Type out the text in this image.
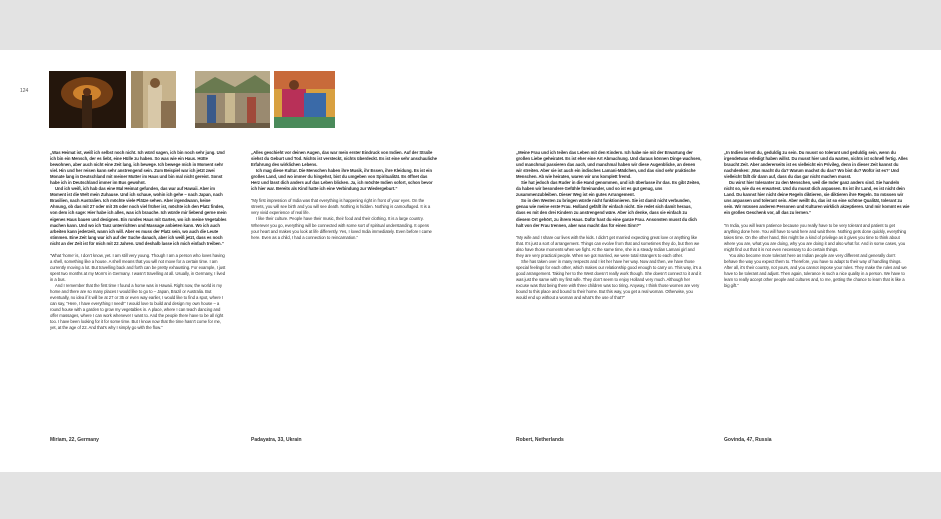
124

„Was Heimat ist, weiß ich selbst noch nicht. Ich würd sagen, ich bin noch sehr jung. Und ich bin ein Mensch, der es liebt, eine Hülle zu haben. So was wie ein Haus. Hütte bewohnen, aber auch nicht eine Zeit lang, ich bewege. Ich bewege mich in Moment sehr viel. Hin und her reisen kann sehr anstrengend sein. Zum Beispiel war ich jetzt zwei Monate lang in Deutschland mit meiner Mutter im Haus und bin mal nicht gereist. Sonst habe ich in Deutschland immer im Bus gewohnt.

Und ich weiß, ich hab das eine Mal Heimat gefunden, das war auf Hawaii. Aber im Moment ist die Welt mein Zuhause. Und ich schaue, wohin ich gehe – nach Japan, nach Brasilien, nach Australien. Ich möchte viele Plätze sehen. Aber irgendwann, keine Ahnung, ob das mit 27 oder mit 35 oder noch viel früher ist, möchte ich den Platz finden, von dem ich sage: Hier habe ich alles, was ich brauche. Ich würde mir liebend gerne mein eigenes Haus bauen und designen. Ein rundes Haus mit Garten, wo ich meine Vegetables machen kann. Und wo ich Tanz unterrichten und Massage anbieten kann. Wo ich auch arbeiten kann jederzeit, wann ich will. Aber es muss der Platz sein, wo auch die Leute stimmen. Eine Zeit lang war ich auf der Suche danach, aber ich weiß jetzt, dass es noch nicht an der Zeit ist für mich mit 22 Jahren. Und deshalb lasse ich mich einfach treiben.“

“What ‘home’ is, I don’t know, yet. I am still very young. Though I am a person who loves having a shell, something like a house. A shell means that you will not move for a certain time. I am currently moving a lot. But travelling back and forth can be pretty exhausting. For example, I just spent two months at my Mom’s in Germany. I wasn’t travelling at all. Usually, in Germany, I lived in a bus.

And I remember that the first time I found a home was in Hawaii. Right now, the world is my home and there are so many places I would like to go to – Japan, Brazil or Australia. But eventually, no idea if it will be at 27 or 35 or even way earlier, I would like to find a spot, where I can say, “Here, I have everything I need!” I would love to build and design my own house – a round house with a garden to grow my vegetables in. A place, where I can teach dancing and offer massages, where I can work whenever I want to. And the people there have to be all right too. I have been looking for it for some time. But I know now that the time hasn’t come for me, yet, at the age of 22. And that’s why I simply go with the flow.”

„Alles geschieht vor deinen Augen, das war mein erster Eindruck von Indien. Auf der Straße siehst du Geburt und Tod. Nichts ist versteckt, nichts überdeckt. Es ist eine sehr anschauliche Erfahrung des wirklichen Lebens.

Ich mag diese Kultur. Die Menschen haben ihre Musik, ihr Essen, ihre Kleidung. Es ist ein großes Land, und wo immer du hingehst, bist du umgeben von Spiritualität. Es öffnet das Herz und lässt dich anders auf das Leben blicken. Ja, ich möchte Indien sofort, schon bevor ich hier war. Bereits als Kind hatte ich eine Verbindung zur Wiedergeburt.“

“My first impression of India was that everything is happening right in front of your eyes. On the streets, you will see birth and you will see death. Nothing is hidden. Nothing is camouflaged. It is a very vivid experience of real life.

I like their culture. People have their music, their food and their clothing. It is a large country. Wherever you go, everything will be connected with some sort of spiritual understanding. It opens your heart and makes you look at life differently. Yes, I loved India immediately. Even before I came here. Even as a child, I had a connection to reincarnation.”

„Meine Frau und ich teilen das Leben mit den Kindern. Ich habe nie mit der Erwartung der großen Liebe geheiratet. Es ist eher eine Art Abmachung. Und daraus können Dinge wachsen, und manchmal passieren das auch, und manchmal haben wir diese Augenblicke, an denen wir streiten. Aber sie ist auch ein indisches Lamani-Mädchen, und das sind sehr praktische Menschen. Ab wie heiraten, waren wir uns komplett fremd.

Sie hat jedoch das Ruder in die Hand genommen, und ich überlasse ihr das. Es gibt Zeiten, da haben wir besondere Gefühle füreinander, und so ist es gut genug, uns zusammenzubleiben. Dieser Weg ist ein gutes Arrangement.

So in den Westen zu bringen würde nicht funktionieren. Sie ist damit nicht verbunden, genau wie meine erste Frau. Holland gefällt ihr einfach nicht. Sie redet sich damit heraus, dass es mit den drei Kindern zu anstrengend wäre. Aber ich denke, dass sie einfach zu diesem Ort gehört, zu ihrem Haus. Dafür hast du eine ganze Frau. Ansonsten musst du dich halt von der Frau trennen, aber was macht das für einen Sinn?“

“My wife and I share our lives with the kids. I didn’t get married expecting great love or anything like that. It’s just a sort of arrangement. Things can evolve from that and sometimes they do, but then we also have those moments when we fight. At the same time, she is a steady Indian Lamani girl and they are very practical people. When we got married, we were total strangers to each other.

She has taken over in many respects and I let her have her way. Now and then, we have those special feelings for each other, which makes our relationship good enough to carry on. This way, it’s a good arrangement. Taking her to the West doesn’t really work though. She doesn’t connect to it and it was just the same with my first wife. They don’t seem to enjoy Holland very much. Although her excuse was that being there with three children was too tiring. Anyway, I think those women are very bound to this place and bound to their home. But this way, you get a real woman. Otherwise, you would end up without a woman and what’s the use of that?”

„In Indien lernst du, geduldig zu sein. Du musst so tolerant und geduldig sein, wenn du irgendetwas erledigt haben willst. Du musst hier und da warten, nichts ist schnell fertig. Alles braucht Zeit. Aber andererseits ist es vielleicht ein Privileg, denn in dieser Zeit kannst du nachdenken: ‚Was macht du da? Warum machst du das? Wo bist du? Wofür ist es?‘ Und vielleicht fällt dir dann auf, dass du das gar nicht machen musst.

Du wirst hier toleranter zu den Menschen, weil die Inder ganz anders sind. Sie handeln nicht so, wie du es erwartest. Und du musst dich anpassen. Es ist ihr Land, es ist nicht dein Land. Du kannst hier nicht deine Regeln diktieren, sie diktieren ihre Regeln. So müssen wir uns anpassen und tolerant sein. Aber weißt du, das ist so eine schöne Qualität, tolerant zu sein. Wir müssen anderen Personen und Kulturen wirklich akzeptieren. Und mir kommt es wie ein großes Geschenk vor, all das zu lernen.“

“In India, you will learn patience because you really have to be very tolerant and patient to get anything done here. You will have to wait here and wait there. Nothing gets done quickly, everything takes time. On the other hand, this might be a kind of privilege as it gives you time to think about where you are, what you are doing, why you are doing it and also what for. And in some cases, you might find out that it is not even necessary to do certain things.

You also become more tolerant here as Indian people are very different and generally don’t behave the way you expect them to. Therefore, you have to adapt to their way of handling things. After all, it’s their country, not yours, and you cannot impose your rules. They make the rules and we have to be tolerant and adjust. Then again, tolerance is such a nice quality in a person. We have to learn to really accept other people and cultures and, to me, getting the chance to learn that is like a big gift.”

Miriam, 22, Germany	Padayatra, 33, Ukrain	Robert, Netherlands	Govinda, 47, Russia
